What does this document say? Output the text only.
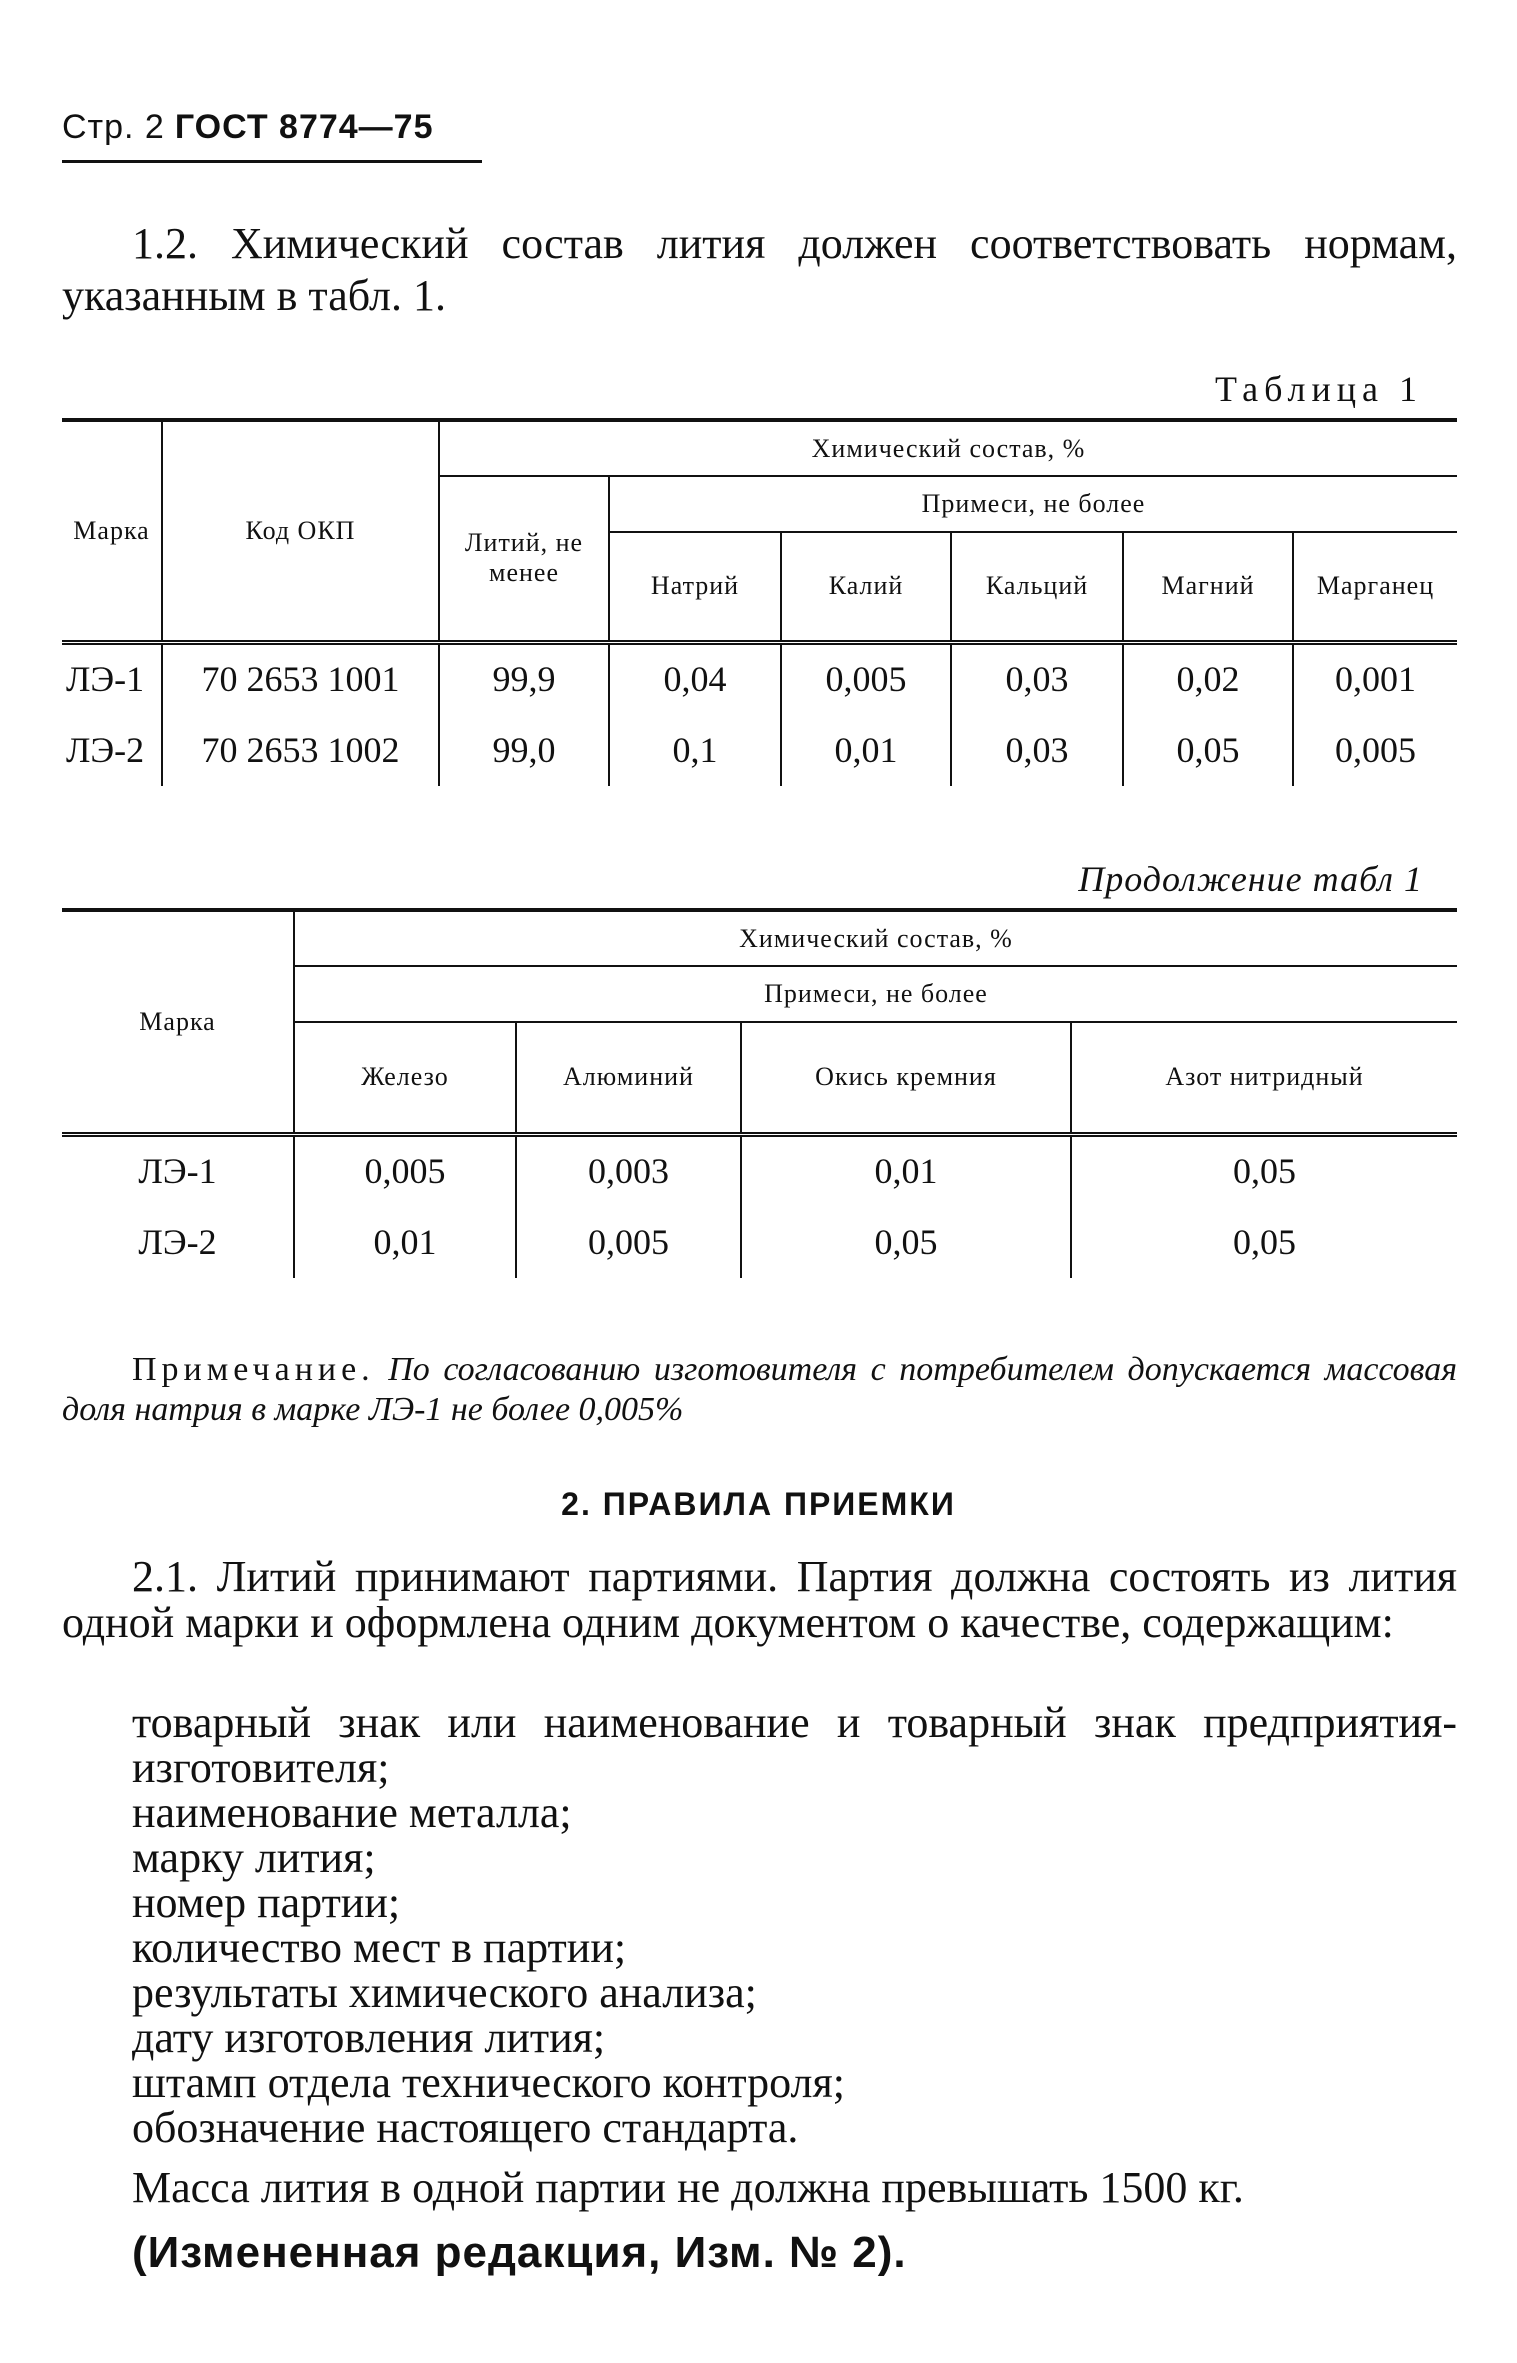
Стр. 2 ГОСТ 8774—75
1.2. Химический состав лития должен соответствовать нормам, указанным в табл. 1.
Таблица 1
Марка	Код ОКП	Химический состав, %					
		Литий, не менее	Примеси, не более				
			Натрий	Калий	Кальций	Магний	Марганец
ЛЭ-1	70 2653 1001	99,9	0,04	0,005	0,03	0,02	0,001
ЛЭ-2	70 2653 1002	99,0	0,1	0,01	0,03	0,05	0,005
Продолжение табл 1
Марка	Химический состав, %			
	Примеси, не более			
	Железо	Алюминий	Окись кремния	Азот нитридный
ЛЭ-1	0,005	0,003	0,01	0,05
ЛЭ-2	0,01	0,005	0,05	0,05
Примечание. По согласованию изготовителя с потребителем допускается массовая доля натрия в марке ЛЭ-1 не более 0,005%
2. ПРАВИЛА ПРИЕМКИ
2.1. Литий принимают партиями. Партия должна состоять из лития одной марки и оформлена одним документом о качестве, содержащим:
товарный знак или наименование и товарный знак предприятия-изготовителя;
наименование металла;
марку лития;
номер партии;
количество мест в партии;
результаты химического анализа;
дату изготовления лития;
штамп отдела технического контроля;
обозначение настоящего стандарта.
Масса лития в одной партии не должна превышать 1500 кг.
(Измененная редакция, Изм. № 2).
